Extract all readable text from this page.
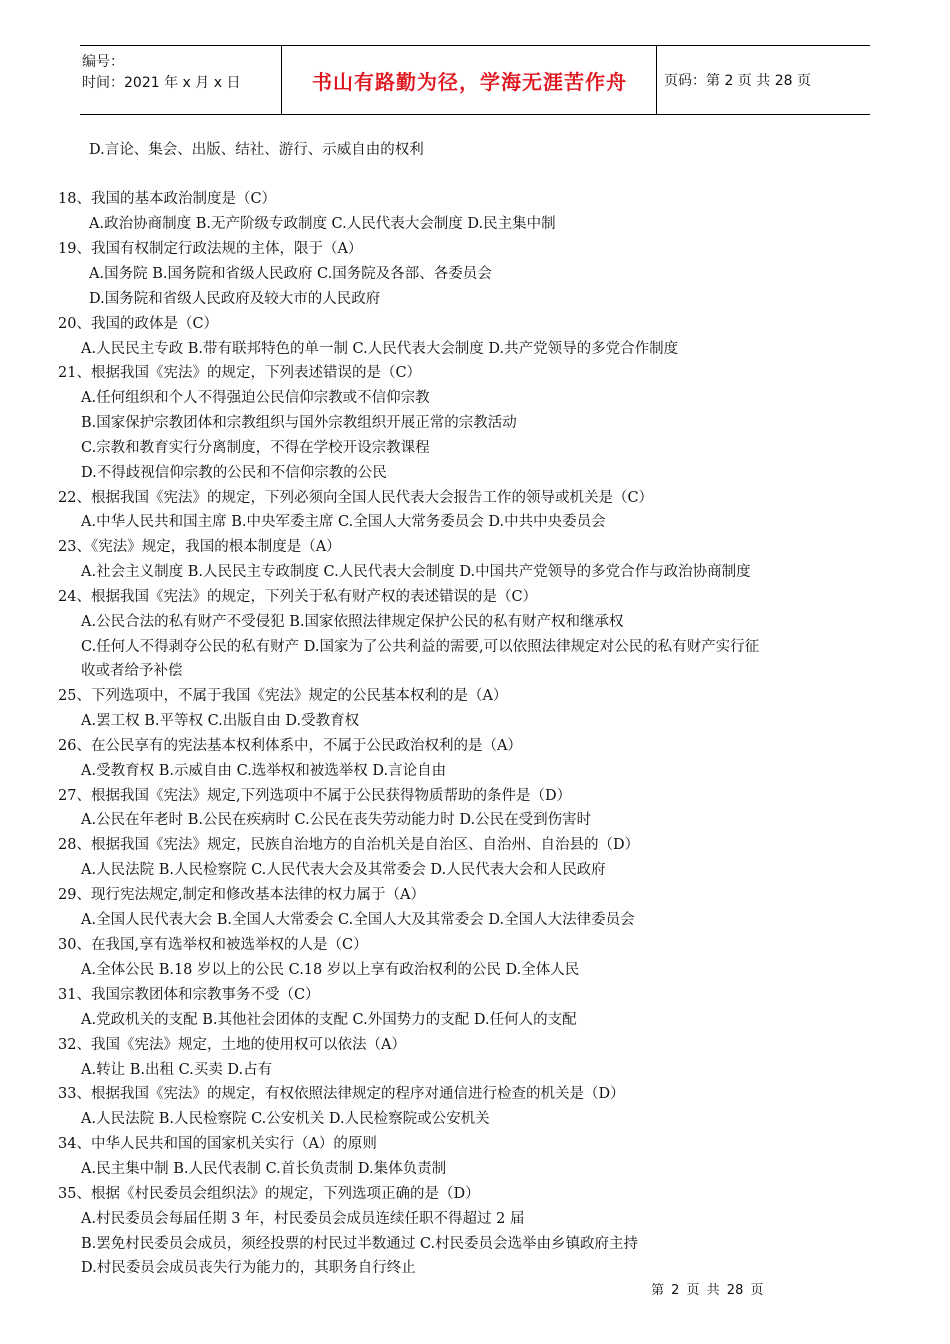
编号：
时间：2021 年 x 月 x 日	书山有路勤为径，学海无涯苦作舟	页码：第 2 页 共 28 页
D.言论、集会、出版、结社、游行、示威自由的权利
18、我国的基本政治制度是（C）
A.政治协商制度 B.无产阶级专政制度 C.人民代表大会制度 D.民主集中制
19、我国有权制定行政法规的主体，限于（A）
A.国务院 B.国务院和省级人民政府 C.国务院及各部、各委员会
D.国务院和省级人民政府及较大市的人民政府
20、我国的政体是（C）
A.人民民主专政 B.带有联邦特色的单一制 C.人民代表大会制度 D.共产党领导的多党合作制度
21、根据我国《宪法》的规定，下列表述错误的是（C）
A.任何组织和个人不得强迫公民信仰宗教或不信仰宗教
B.国家保护宗教团体和宗教组织与国外宗教组织开展正常的宗教活动
C.宗教和教育实行分离制度，不得在学校开设宗教课程
D.不得歧视信仰宗教的公民和不信仰宗教的公民
22、根据我国《宪法》的规定，下列必须向全国人民代表大会报告工作的领导或机关是（C）
A.中华人民共和国主席 B.中央军委主席 C.全国人大常务委员会 D.中共中央委员会
23、《宪法》规定，我国的根本制度是（A）
A.社会主义制度 B.人民民主专政制度 C.人民代表大会制度 D.中国共产党领导的多党合作与政治协商制度
24、根据我国《宪法》的规定，下列关于私有财产权的表述错误的是（C）
A.公民合法的私有财产不受侵犯 B.国家依照法律规定保护公民的私有财产权和继承权
C.任何人不得剥夺公民的私有财产 D.国家为了公共利益的需要,可以依照法律规定对公民的私有财产实行征
收或者给予补偿
25、下列选项中，不属于我国《宪法》规定的公民基本权利的是（A）
A.罢工权 B.平等权 C.出版自由 D.受教育权
26、在公民享有的宪法基本权利体系中，不属于公民政治权利的是（A）
A.受教育权 B.示威自由 C.选举权和被选举权 D.言论自由
27、根据我国《宪法》规定,下列选项中不属于公民获得物质帮助的条件是（D）
A.公民在年老时 B.公民在疾病时 C.公民在丧失劳动能力时 D.公民在受到伤害时
28、根据我国《宪法》规定，民族自治地方的自治机关是自治区、自治州、自治县的（D）
A.人民法院 B.人民检察院 C.人民代表大会及其常委会 D.人民代表大会和人民政府
29、现行宪法规定,制定和修改基本法律的权力属于（A）
A.全国人民代表大会 B.全国人大常委会 C.全国人大及其常委会 D.全国人大法律委员会
30、在我国,享有选举权和被选举权的人是（C）
A.全体公民 B.18 岁以上的公民 C.18 岁以上享有政治权利的公民 D.全体人民
31、我国宗教团体和宗教事务不受（C）
A.党政机关的支配 B.其他社会团体的支配 C.外国势力的支配 D.任何人的支配
32、我国《宪法》规定，土地的使用权可以依法（A）
A.转让 B.出租 C.买卖 D.占有
33、根据我国《宪法》的规定，有权依照法律规定的程序对通信进行检查的机关是（D）
A.人民法院 B.人民检察院 C.公安机关 D.人民检察院或公安机关
34、中华人民共和国的国家机关实行（A）的原则
A.民主集中制 B.人民代表制 C.首长负责制 D.集体负责制
35、根据《村民委员会组织法》的规定，下列选项正确的是（D）
A.村民委员会每届任期 3 年，村民委员会成员连续任职不得超过 2 届
B.罢免村民委员会成员，须经投票的村民过半数通过 C.村民委员会选举由乡镇政府主持
D.村民委员会成员丧失行为能力的，其职务自行终止
第 2 页 共 28 页
